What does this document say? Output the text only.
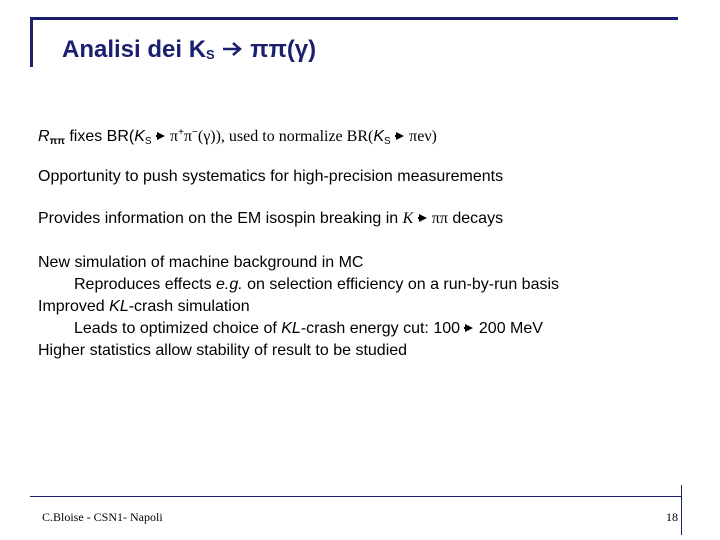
Analisi dei $K_S$ ππ(γ)
$R_{\pi\pi}$ fixes $BR(K_S$  π+π−(γ)), used to normalize $BR(K_S$  πeν)
Opportunity to push systematics for high-precision measurements
Provides information on the EM isospin breaking in K  ππ decays
New simulation of machine background in MC
Reproduces effects e.g. on selection efficiency on a run-by-run basis
Improved KL-crash simulation
Leads to optimized choice of KL-crash energy cut: 100  200 MeV
Higher statistics allow stability of result to be studied
C.Bloise - CSN1- Napoli	18
